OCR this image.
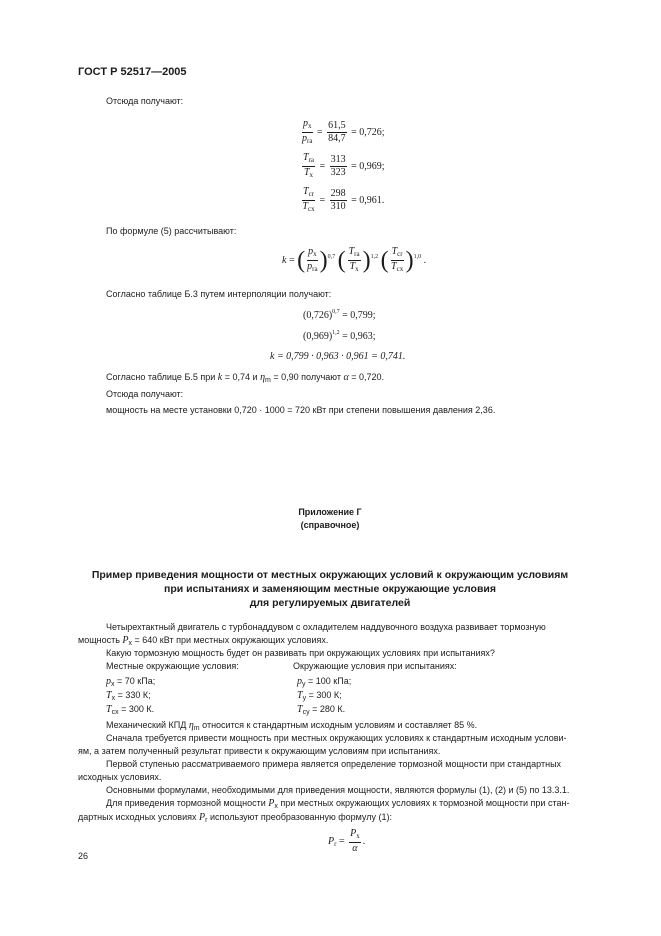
ГОСТ Р 52517—2005
Отсюда получают:
$\frac{p_x}{p_{ra}} = \frac{61,5}{84,7} = 0,726$;
$\frac{T_{ra}}{T_x} = \frac{313}{323} = 0,969$;
$\frac{T_{cr}}{T_{cx}} = \frac{298}{310} = 0,961$.
По формуле (5) рассчитывают:
k = ( $\frac{p_x}{p_{ra}} )^{0,7}$ ( $\frac{T_{ra}}{T_x} )^{1,2}$ ( $\frac{T_{cr}}{T_{cx}} )^{1,0}$ .
Согласно таблице Б.3 путем интерполяции получают:
$(0,726)^{0,7} = 0,799$;
$(0,969)^{1,2} = 0,963$;
k = 0,799 · 0,963 · 0,961 = 0,741.
Согласно таблице Б.5 при k = 0,74 и $\eta_m = 0,90$ получают α = 0,720.
Отсюда получают:
мощность на месте установки 0,720 · 1000 = 720 кВт при степени повышения давления 2,36.
Приложение Г
(справочное)
Пример приведения мощности от местных окружающих условий к окружающим условиям
при испытаниях и заменяющим местные окружающие условия
для регулируемых двигателей
Четырехтактный двигатель с турбонаддувом с охладителем наддувочного воздуха развивает тормозную
мощность $P_x = 640$ кВт при местных окружающих условиях.
Какую тормозную мощность будет он развивать при окружающих условиях при испытаниях?
Местные окружающие условия:	Окружающие условия при испытаниях:
$p_x = 70$ кПа;
$T_x = 330$ К;
$T_{cx} = 300$ К.
$p_y = 100$ кПа;
$T_y = 300$ К;
$T_{cy} = 280$ К.
Механический КПД $\eta_m$ относится к стандартным исходным условиям и составляет 85 %.
Сначала требуется привести мощность при местных окружающих условиях к стандартным исходным услови-
ям, а затем полученный результат привести к окружающим условиям при испытаниях.
Первой ступенью рассматриваемого примера является определение тормозной мощности при стандартных
исходных условиях.
Основными формулами, необходимыми для приведения мощности, являются формулы (1), (2) и (5) по 13.3.1.
Для приведения тормозной мощности $P_x$ при местных окружающих условиях к тормозной мощности при стан-
дартных исходных условиях $P_r$ используют преобразованную формулу (1):
$P_r = \frac{P_x}{\alpha}$ .
26
